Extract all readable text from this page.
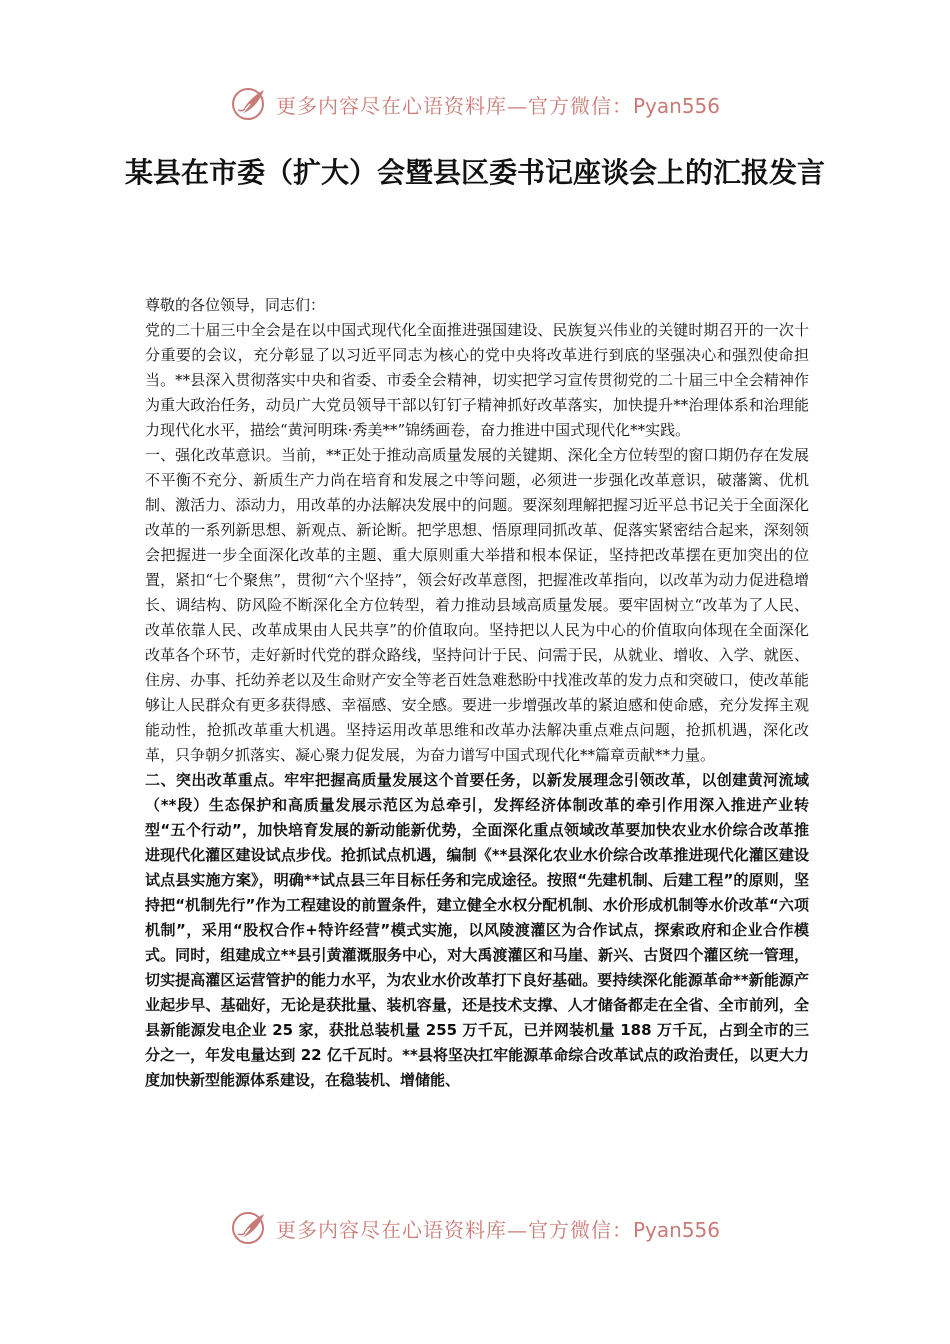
更多内容尽在心语资料库—官方微信：Pyan556
某县在市委（扩大）会暨县区委书记座谈会上的汇报发言

尊敬的各位领导，同志们：

党的二十届三中全会是在以中国式现代化全面推进强国建设、民族复兴伟业的关键时期召开的一次十分重要的会议，充分彰显了以习近平同志为核心的党中央将改革进行到底的坚强决心和强烈使命担当。**县深入贯彻落实中央和省委、市委全会精神，切实把学习宣传贯彻党的二十届三中全会精神作为重大政治任务，动员广大党员领导干部以钉钉子精神抓好改革落实，加快提升**治理体系和治理能力现代化水平，描绘“黄河明珠·秀美**”锦绣画卷，奋力推进中国式现代化**实践。

一、强化改革意识。当前，**正处于推动高质量发展的关键期、深化全方位转型的窗口期仍存在发展不平衡不充分、新质生产力尚在培育和发展之中等问题，必须进一步强化改革意识，破藩篱、优机制、激活力、添动力，用改革的办法解决发展中的问题。要深刻理解把握习近平总书记关于全面深化改革的一系列新思想、新观点、新论断。把学思想、悟原理同抓改革、促落实紧密结合起来，深刻领会把握进一步全面深化改革的主题、重大原则重大举措和根本保证，坚持把改革摆在更加突出的位置，紧扣“七个聚焦”，贯彻“六个坚持”，领会好改革意图，把握准改革指向，以改革为动力促进稳增长、调结构、防风险不断深化全方位转型，着力推动县域高质量发展。要牢固树立“改革为了人民、改革依靠人民、改革成果由人民共享”的价值取向。坚持把以人民为中心的价值取向体现在全面深化改革各个环节，走好新时代党的群众路线，坚持问计于民、问需于民，从就业、增收、入学、就医、住房、办事、托幼养老以及生命财产安全等老百姓急难愁盼中找准改革的发力点和突破口，使改革能够让人民群众有更多获得感、幸福感、安全感。要进一步增强改革的紧迫感和使命感，充分发挥主观能动性，抢抓改革重大机遇。坚持运用改革思维和改革办法解决重点难点问题，抢抓机遇，深化改革，只争朝夕抓落实、凝心聚力促发展，为奋力谱写中国式现代化**篇章贡献**力量。

二、突出改革重点。牢牢把握高质量发展这个首要任务，以新发展理念引领改革，以创建黄河流域（**段）生态保护和高质量发展示范区为总牵引，发挥经济体制改革的牵引作用深入推进产业转型“五个行动”，加快培育发展的新动能新优势，全面深化重点领域改革要加快农业水价综合改革推进现代化灌区建设试点步伐。抢抓试点机遇，编制《**县深化农业水价综合改革推进现代化灌区建设试点县实施方案》，明确**试点县三年目标任务和完成途径。按照“先建机制、后建工程”的原则，坚持把“机制先行”作为工程建设的前置条件，建立健全水权分配机制、水价形成机制等水价改革“六项机制”，采用“股权合作+特许经营”模式实施，以风陵渡灌区为合作试点，探索政府和企业合作模式。同时，组建成立**县引黄灌溉服务中心，对大禹渡灌区和马崖、新兴、古贤四个灌区统一管理，切实提高灌区运营管护的能力水平，为农业水价改革打下良好基础。要持续深化能源革命**新能源产业起步早、基础好，无论是获批量、装机容量，还是技术支撑、人才储备都走在全省、全市前列，全县新能源发电企业 25 家，获批总装机量 255 万千瓦，已并网装机量 188 万千瓦，占到全市的三分之一，年发电量达到 22 亿千瓦时。**县将坚决扛牢能源革命综合改革试点的政治责任，以更大力度加快新型能源体系建设，在稳装机、增储能、

更多内容尽在心语资料库—官方微信：Pyan556
